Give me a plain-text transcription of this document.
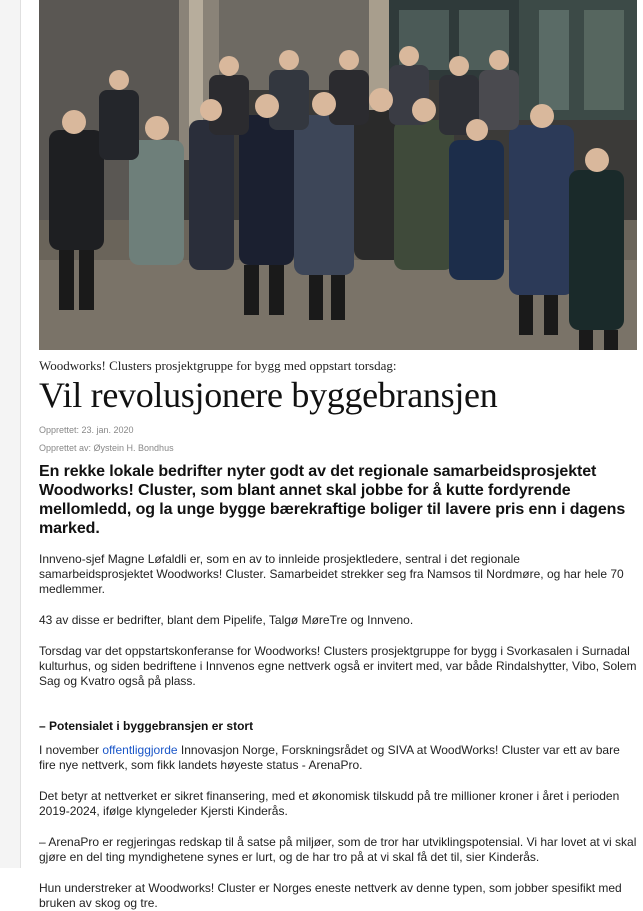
Woodworks! Clusters prosjektgruppe for bygg med oppstart torsdag:
Vil revolusjonere byggebransjen
Opprettet: 23. jan. 2020
Opprettet av: Øystein H. Bondhus
En rekke lokale bedrifter nyter godt av det regionale samarbeidsprosjektet Woodworks! Cluster, som blant annet skal jobbe for å kutte fordyrende mellomledd, og la unge bygge bærekraftige boliger til lavere pris enn i dagens marked.
Innveno-sjef Magne Løfaldli er, som en av to innleide prosjektledere, sentral i det regionale samarbeidsprosjektet Woodworks! Cluster. Samarbeidet strekker seg fra Namsos til Nordmøre, og har hele 70 medlemmer.
43 av disse er bedrifter, blant dem Pipelife, Talgø MøreTre og Innveno.
Torsdag var det oppstartskonferanse for Woodworks! Clusters prosjektgruppe for bygg i Svorkasalen i Surnadal kulturhus, og siden bedriftene i Innvenos egne nettverk også er invitert med, var både Rindalshytter, Vibo, Solem Sag og Kvatro også på plass.
– Potensialet i byggebransjen er stort
I november offentliggjorde Innovasjon Norge, Forskningsrådet og SIVA at WoodWorks! Cluster var ett av bare fire nye nettverk, som fikk landets høyeste status - ArenaPro.
Det betyr at nettverket er sikret finansering, med et økonomisk tilskudd på tre millioner kroner i året i perioden 2019-2024, ifølge klyngeleder Kjersti Kinderås.
– ArenaPro er regjeringas redskap til å satse på miljøer, som de tror har utviklingspotensial. Vi har lovet at vi skal gjøre en del ting myndighetene synes er lurt, og de har tro på at vi skal få det til, sier Kinderås.
Hun understreker at Woodworks! Cluster er Norges eneste nettverk av denne typen, som jobber spesifikt med bruken av skog og tre.
